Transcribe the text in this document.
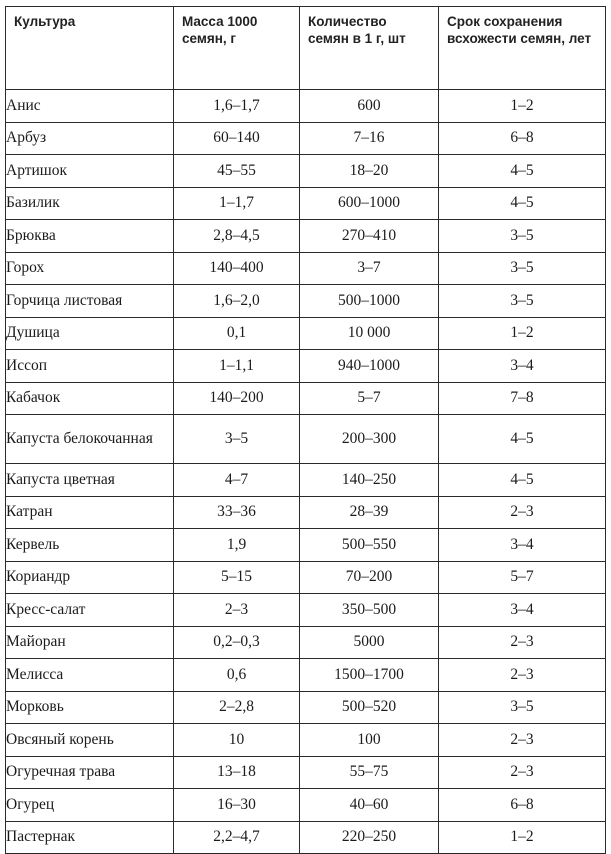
Культура	Масса 1000 семян, г	Количество семян в 1 г, шт	Срок сохранения всхожести семян, лет
Анис	1,6–1,7	600	1–2
Арбуз	60–140	7–16	6–8
Артишок	45–55	18–20	4–5
Базилик	1–1,7	600–1000	4–5
Брюква	2,8–4,5	270–410	3–5
Горох	140–400	3–7	3–5
Горчица листовая	1,6–2,0	500–1000	3–5
Душица	0,1	10 000	1–2
Иссоп	1–1,1	940–1000	3–4
Кабачок	140–200	5–7	7–8
Капуста белокочанная	3–5	200–300	4–5
Капуста цветная	4–7	140–250	4–5
Катран	33–36	28–39	2–3
Кервель	1,9	500–550	3–4
Кориандр	5–15	70–200	5–7
Кресс-салат	2–3	350–500	3–4
Майоран	0,2–0,3	5000	2–3
Мелисса	0,6	1500–1700	2–3
Морковь	2–2,8	500–520	3–5
Овсяный корень	10	100	2–3
Огуречная трава	13–18	55–75	2–3
Огурец	16–30	40–60	6–8
Пастернак	2,2–4,7	220–250	1–2
